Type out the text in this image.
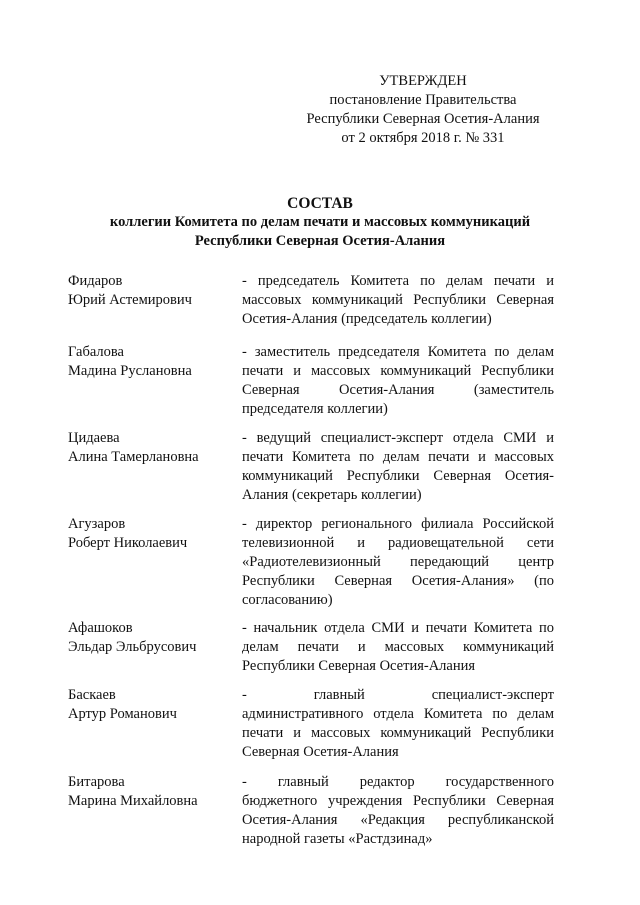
УТВЕРЖДЕН
постановление Правительства
Республики Северная Осетия-Алания
от 2 октября 2018 г. № 331
СОСТАВ
коллегии Комитета по делам печати и массовых коммуникаций
Республики Северная Осетия-Алания
Фидаров
Юрий Астемирович
- председатель Комитета по делам печати и
массовых коммуникаций Республики Северная
Осетия-Алания (председатель коллегии)
Габалова
Мадина Руслановна
- заместитель председателя Комитета по делам
печати и массовых коммуникаций Республики
Северная Осетия-Алания (заместитель
председателя коллегии)
Цидаева
Алина Тамерлановна
- ведущий специалист-эксперт отдела СМИ и
печати Комитета по делам печати и массовых
коммуникаций Республики Северная Осетия-
Алания (секретарь коллегии)
Агузаров
Роберт Николаевич
- директор регионального филиала Российской
телевизионной и радиовещательной сети
«Радиотелевизионный передающий центр
Республики Северная Осетия-Алания» (по
согласованию)
Афашоков
Эльдар Эльбрусович
- начальник отдела СМИ и печати Комитета по
делам печати и массовых коммуникаций
Республики Северная Осетия-Алания
Баскаев
Артур Романович
- главный специалист-эксперт
административного отдела Комитета по делам
печати и массовых коммуникаций Республики
Северная Осетия-Алания
Битарова
Марина Михайловна
- главный редактор государственного
бюджетного учреждения Республики Северная
Осетия-Алания «Редакция республиканской
народной газеты «Растдзинад»
